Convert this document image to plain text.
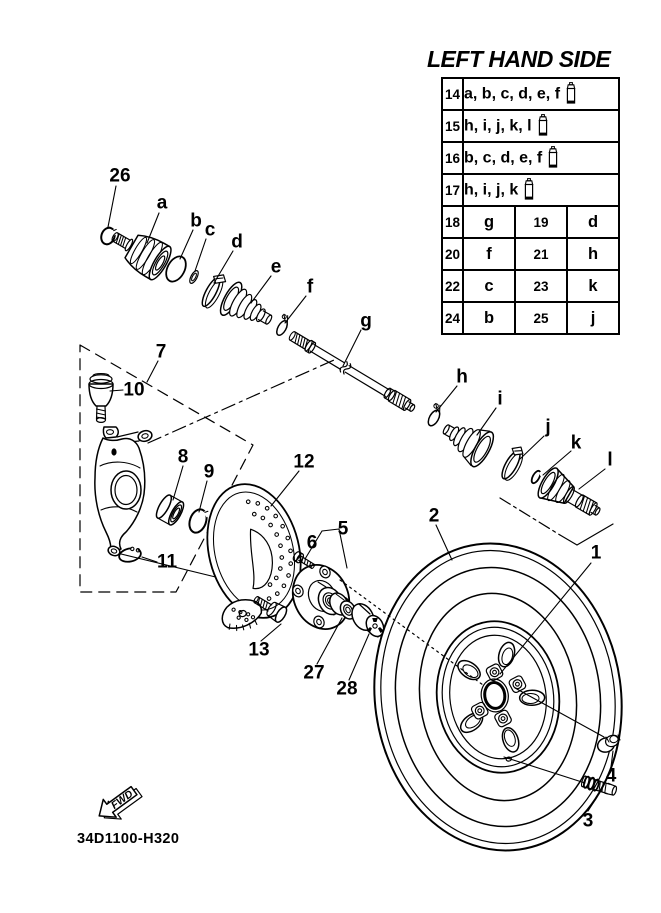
LEFT HAND SIDE
14	a, b, c, d, e, f		
15	h, i, j, k, l		
16	b, c, d, e, f		
17	h, i, j, k		
18	g	19	d
20	f	21	h
22	c	23	k
24	b	25	j
26
a
b c
d
e
f
g
h
i
j
k
l
7
10
8
9	12
11
5
6
13
27
28
2
1
4
3
FWD
34D1100-H320
